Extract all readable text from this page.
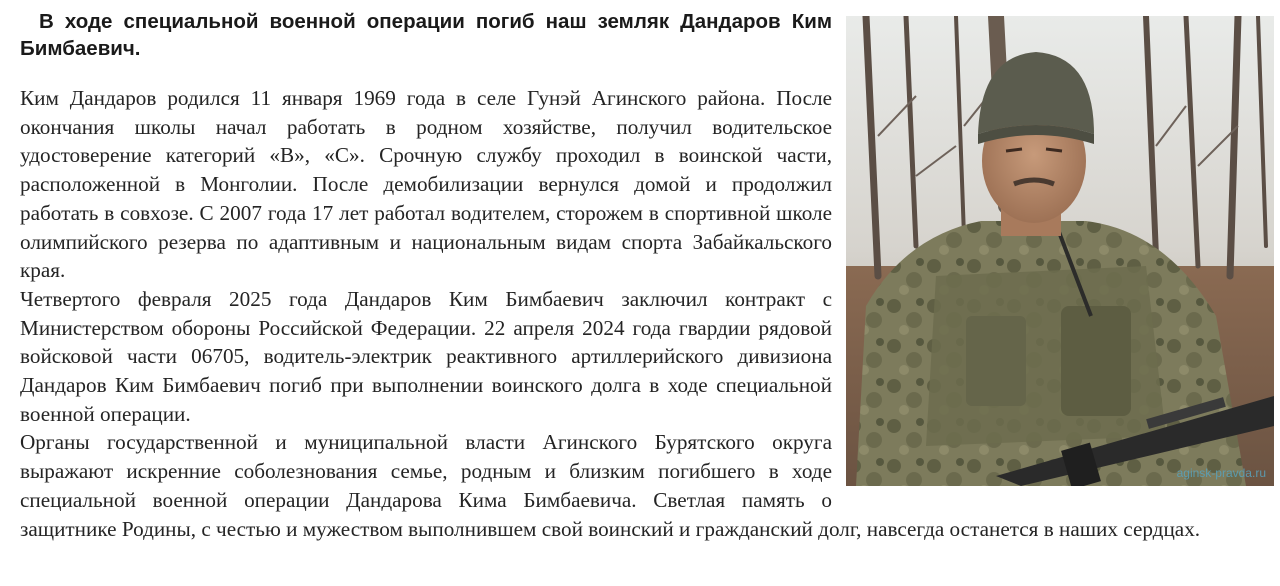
aginsk-pravda.ru
В ходе специальной военной операции погиб наш земляк Дандаров Ким Бимбаевич.

Ким Дандаров родился 11 января 1969 года в селе Гунэй Агинского района. После окончания школы начал работать в родном хозяйстве, получил водительское удостоверение категорий «В», «С». Срочную службу проходил в воинской части, расположенной в Монголии. После демобилизации вернулся домой и продолжил работать в совхозе. С 2007 года 17 лет работал водителем, сторожем в спортивной школе олимпийского резерва по адаптивным и национальным видам спорта Забайкальского края.

Четвертого февраля 2025 года Дандаров Ким Бимбаевич заключил контракт с Министерством обороны Российской Федерации. 22 апреля 2024 года гвардии рядовой войсковой части 06705, водитель-электрик реактивного артиллерийского дивизиона Дандаров Ким Бимбаевич погиб при выполнении воинского долга в ходе специальной военной операции.

Органы государственной и муниципальной власти Агинского Бурятского округа выражают искренние соболезнования семье, родным и близким погибшего в ходе специальной военной операции Дандарова Кима Бимбаевича. Светлая память о защитнике Родины, с честью и мужеством выполнившем свой воинский и гражданский долг, навсегда останется в наших сердцах.
